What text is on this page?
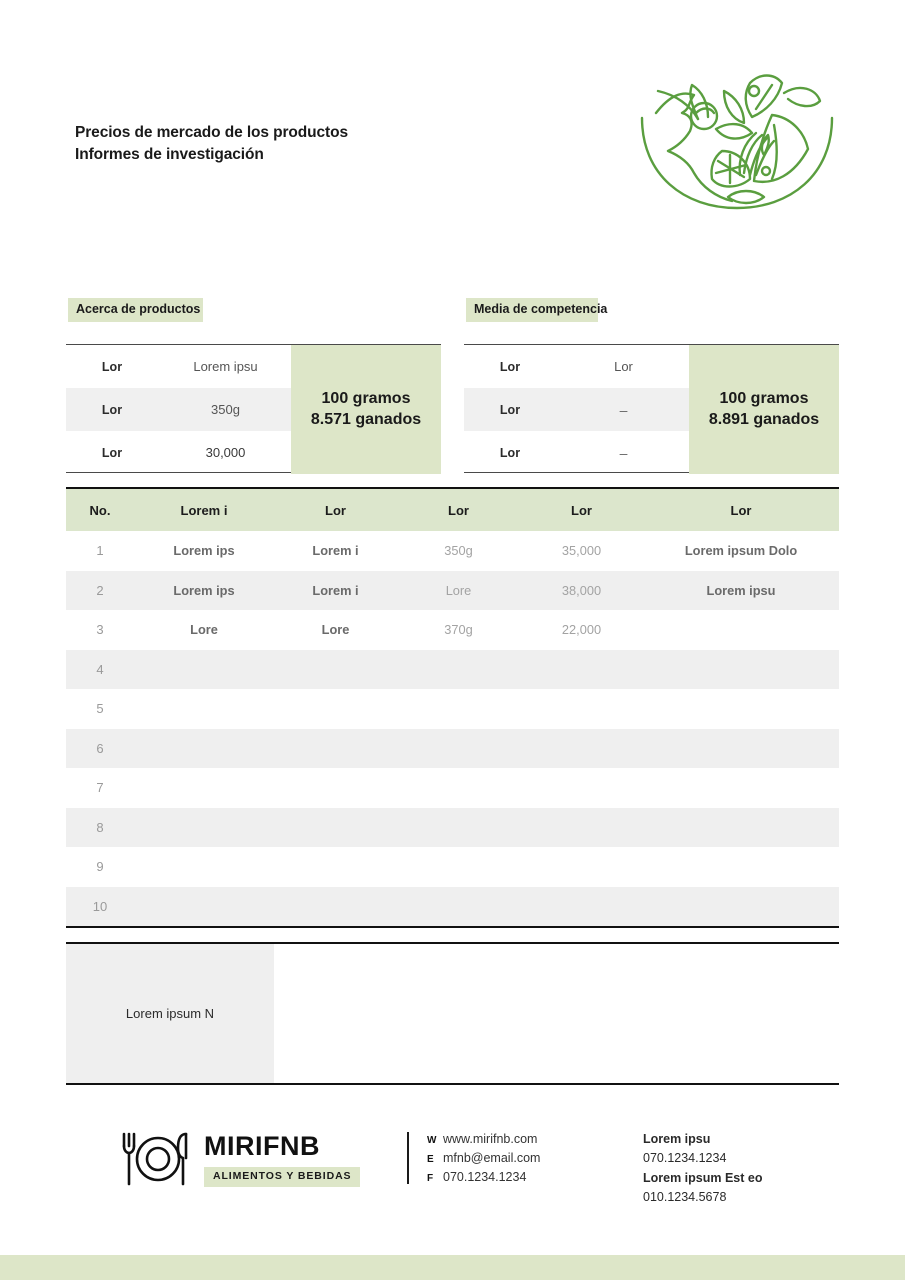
Precios de mercado de los productos
Informes de investigación
Acerca de productos
Lor	Lorem ipsu
Lor	350g
Lor	30,000
100 gramos
8.571 ganados
Media de competencia
Lor	Lor
Lor	–
Lor	–
100 gramos
8.891 ganados
No.	Lorem i	Lor	Lor	Lor	Lor
1	Lorem ips	Lorem i	350g	35,000	Lorem ipsum Dolo
2	Lorem ips	Lorem i	Lore	38,000	Lorem ipsu
3	Lore	Lore	370g	22,000
4
5
6
7
8
9
10
Lorem ipsum N
MIRIFNB
ALIMENTOS Y BEBIDAS
W www.mirifnb.com
E mfnb@email.com
F 070.1234.1234
Lorem ipsu
070.1234.1234
Lorem ipsum Est eo
010.1234.5678
